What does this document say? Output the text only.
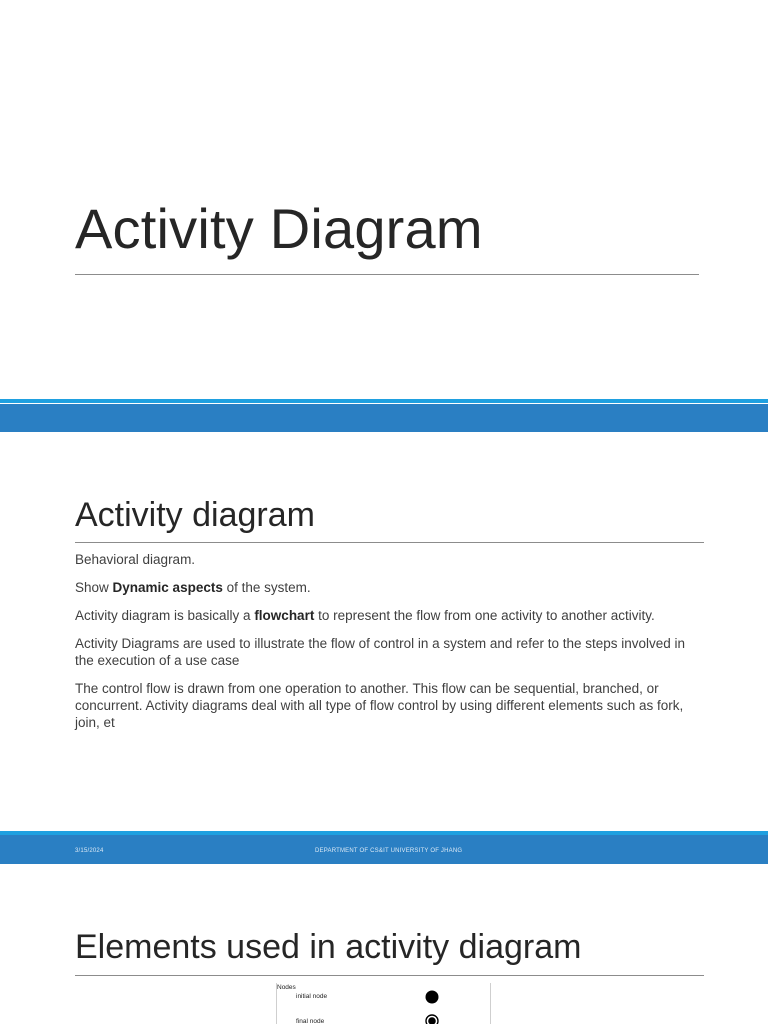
Activity Diagram
Activity diagram
Behavioral diagram.
Show Dynamic aspects of the system.
Activity diagram is basically a flowchart to represent the flow from one activity to another activity.
Activity Diagrams are used to illustrate the flow of control in a system and refer to the steps involved in the execution of a use case
The control flow is drawn from one operation to another. This flow can be sequential, branched, or concurrent. Activity diagrams deal with all type of flow control by using different elements such as fork, join, et
3/15/2024	DEPARTMENT OF CS&IT UNIVERSITY OF JHANG
Elements used in activity diagram
Nodes
initial node
final node
